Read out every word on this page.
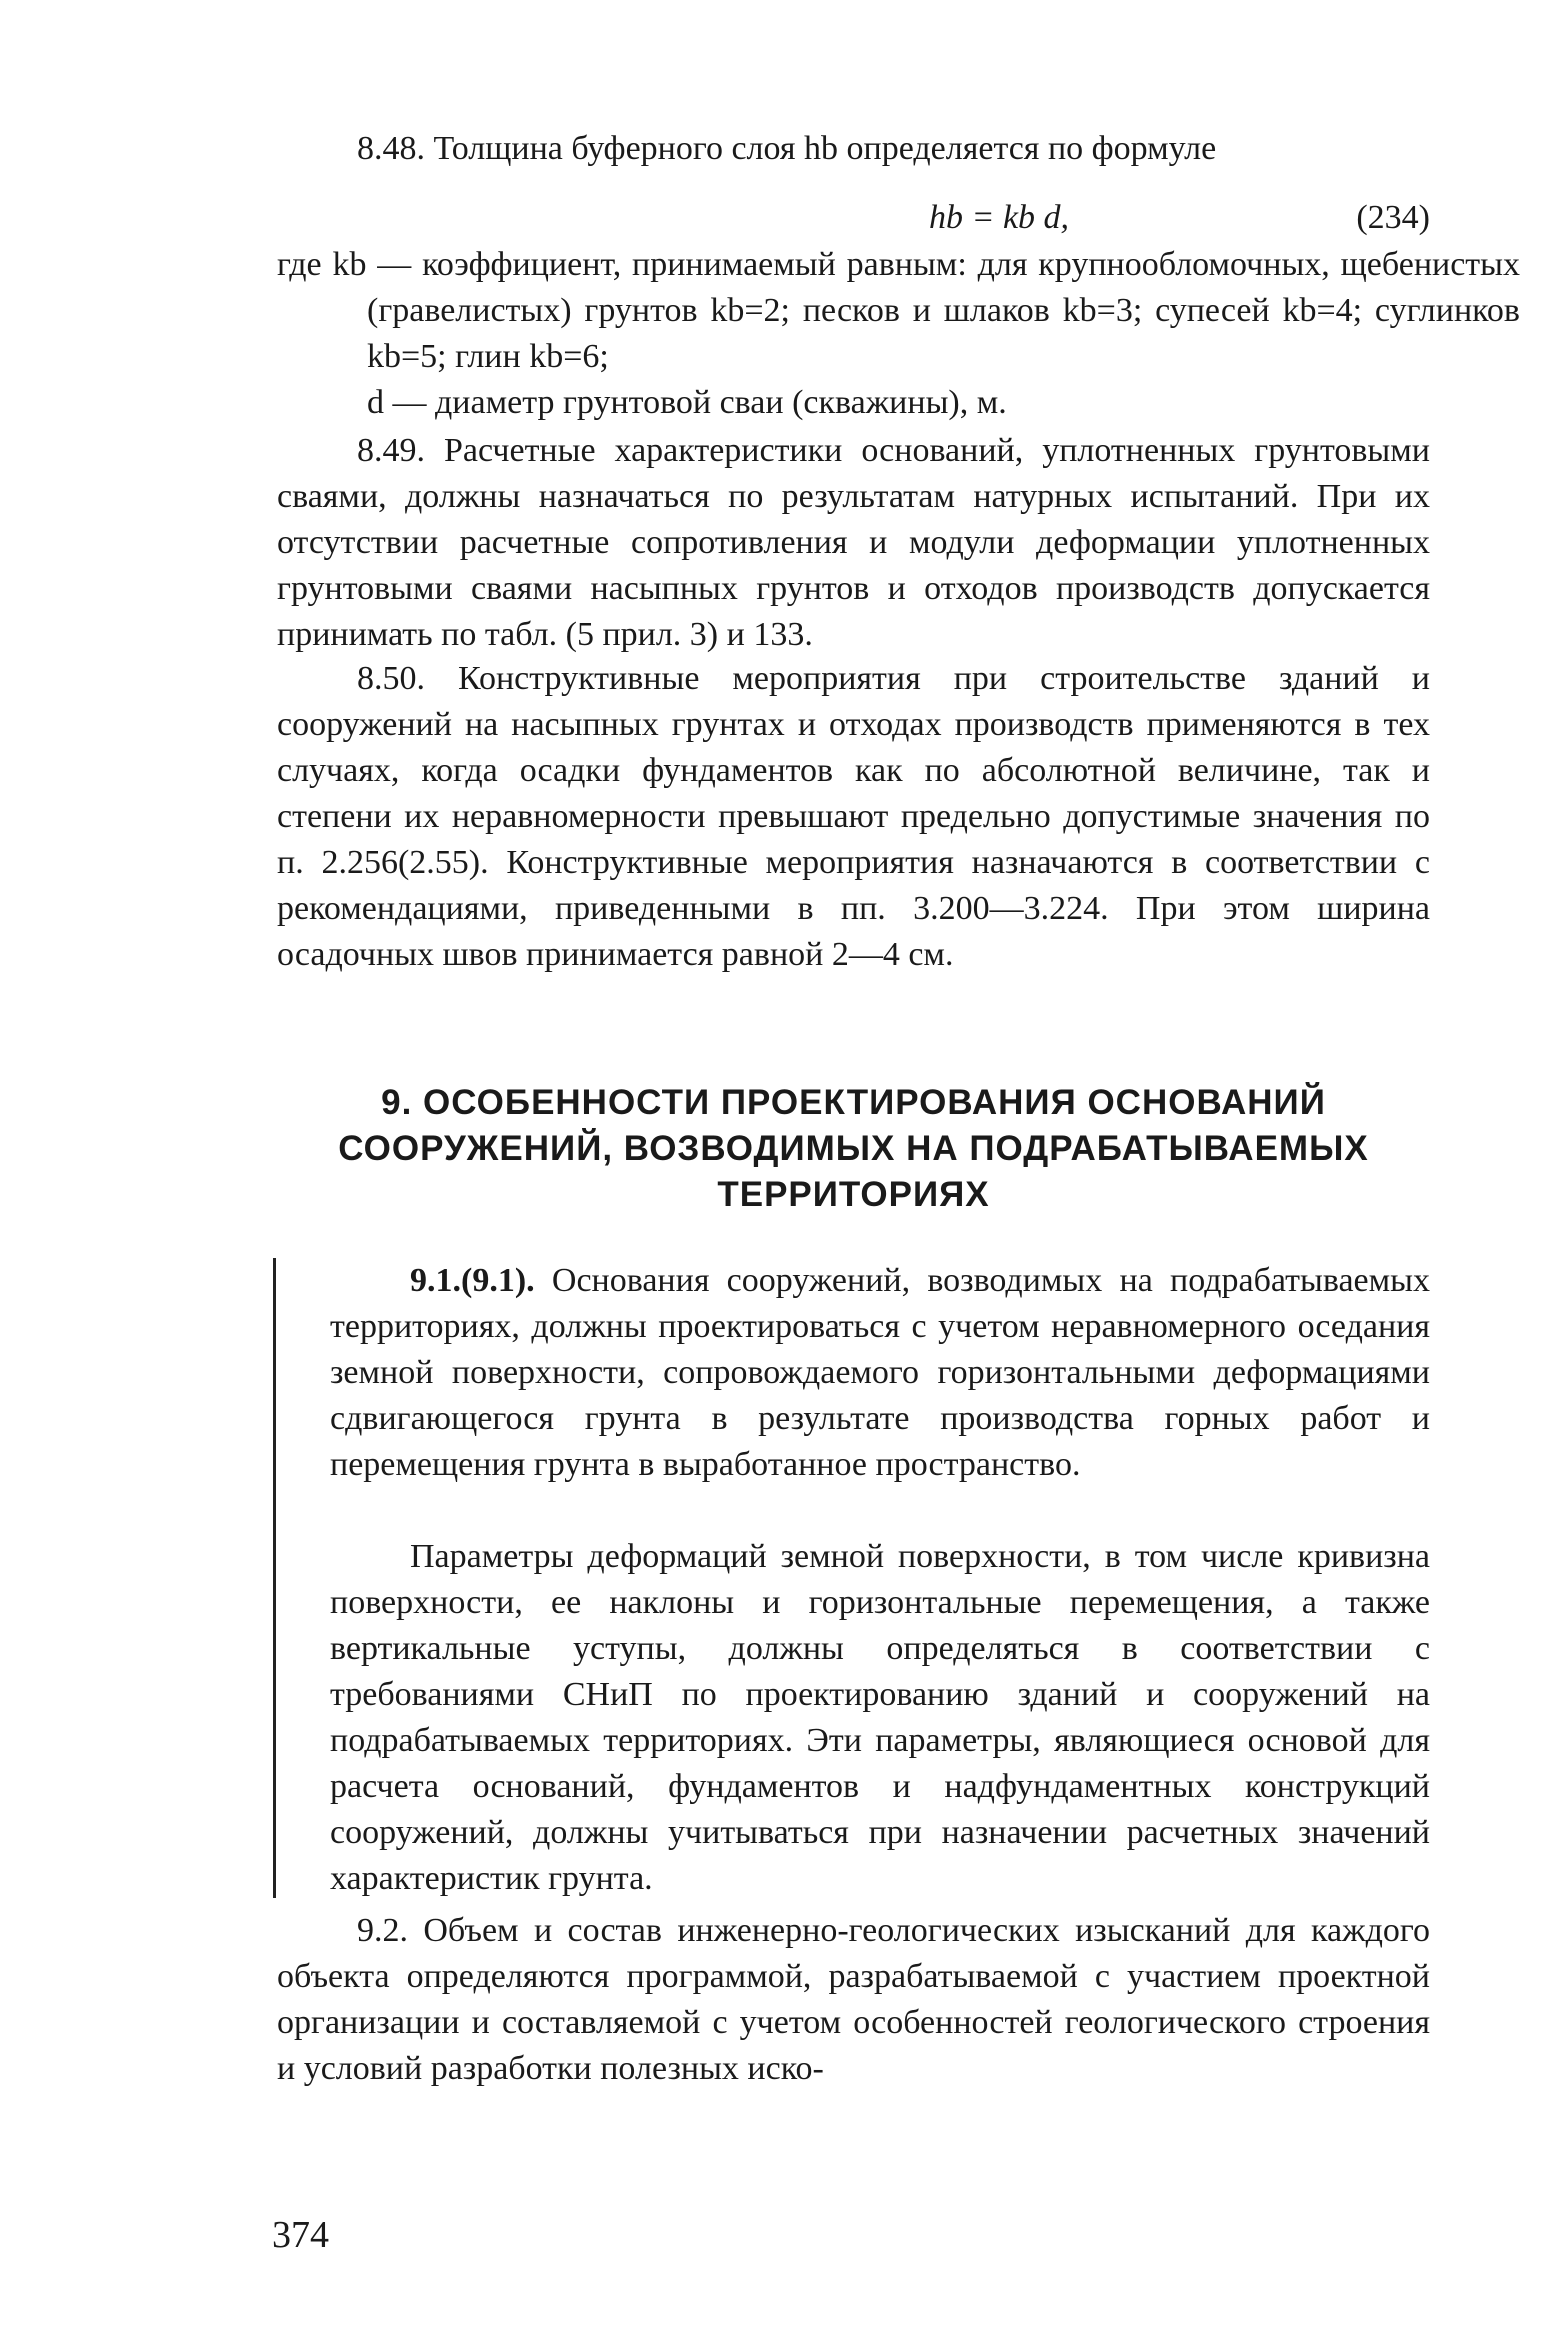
8.48. Толщина буферного слоя hb определяется по формуле

hb = kb d,	(234)

где kb — коэффициент, принимаемый равным: для крупнообломочных, щебенистых (гравелистых) грунтов kb=2; песков и шлаков kb=3; супесей kb=4; суглинков kb=5; глин kb=6;

d — диаметр грунтовой сваи (скважины), м.

8.49. Расчетные характеристики оснований, уплотненных грунтовыми сваями, должны назначаться по результатам натурных испытаний. При их отсутствии расчетные сопротивления и модули деформации уплотненных грунтовыми сваями насыпных грунтов и отходов производств допускается принимать по табл. (5 прил. 3) и 133.

8.50. Конструктивные мероприятия при строительстве зданий и сооружений на насыпных грунтах и отходах производств применяются в тех случаях, когда осадки фундаментов как по абсолютной величине, так и степени их неравномерности превышают предельно допустимые значения по п. 2.256(2.55). Конструктивные мероприятия назначаются в соответствии с рекомендациями, приведенными в пп. 3.200—3.224. При этом ширина осадочных швов принимается равной 2—4 см.

9. ОСОБЕННОСТИ ПРОЕКТИРОВАНИЯ ОСНОВАНИЙ СООРУЖЕНИЙ, ВОЗВОДИМЫХ НА ПОДРАБАТЫВАЕМЫХ ТЕРРИТОРИЯХ

9.1.(9.1). Основания сооружений, возводимых на подрабатываемых территориях, должны проектироваться с учетом неравномерного оседания земной поверхности, сопровождаемого горизонтальными деформациями сдвигающегося грунта в результате производства горных работ и перемещения грунта в выработанное пространство.

Параметры деформаций земной поверхности, в том числе кривизна поверхности, ее наклоны и горизонтальные перемещения, а также вертикальные уступы, должны определяться в соответствии с требованиями СНиП по проектированию зданий и сооружений на подрабатываемых территориях. Эти параметры, являющиеся основой для расчета оснований, фундаментов и надфундаментных конструкций сооружений, должны учитываться при назначении расчетных значений характеристик грунта.

9.2. Объем и состав инженерно-геологических изысканий для каждого объекта определяются программой, разрабатываемой с участием проектной организации и составляемой с учетом особенностей геологического строения и условий разработки полезных иско-

374
